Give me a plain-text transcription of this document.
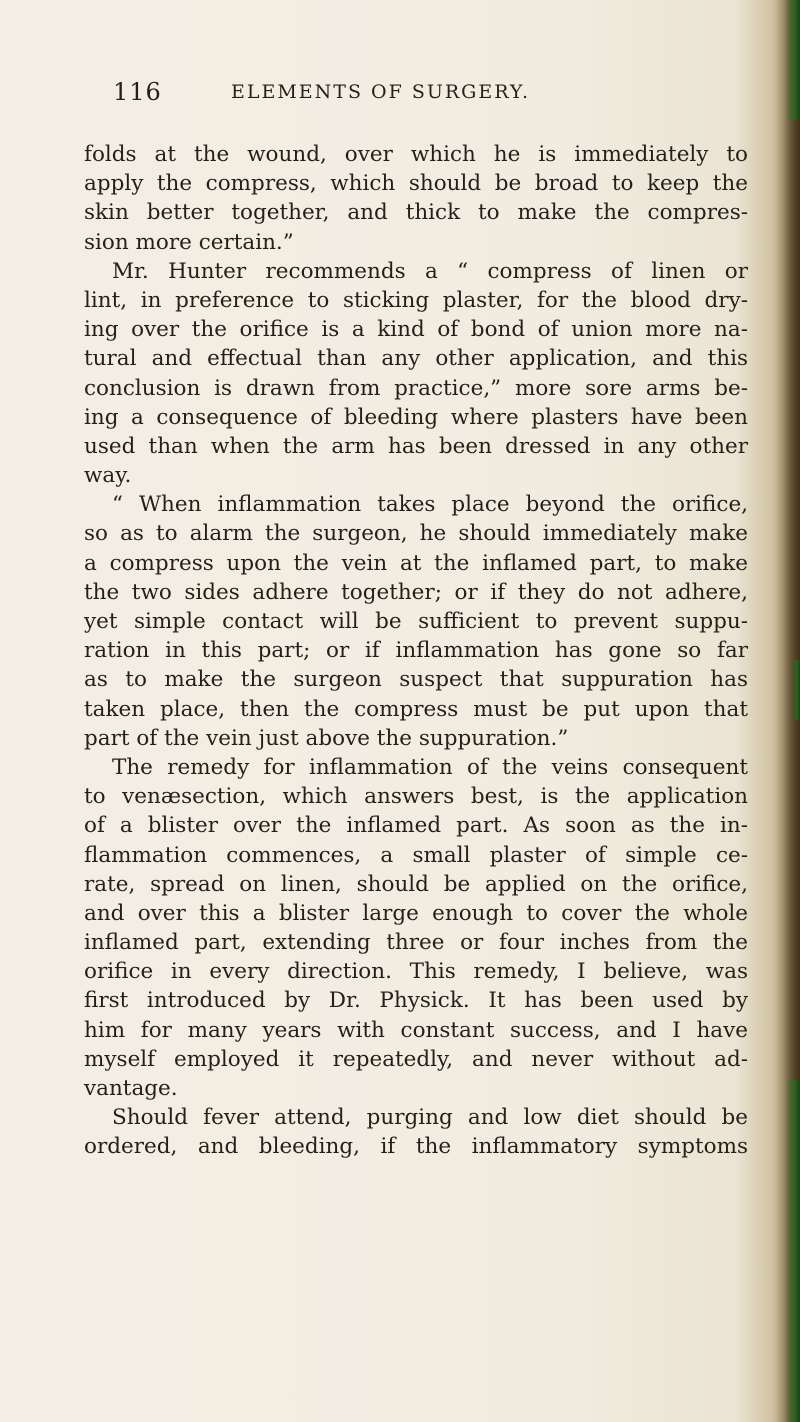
116	ELEMENTS OF SURGERY.
folds at the wound, over which he is immediately to
apply the compress, which should be broad to keep the
skin better together, and thick to make the compres-
sion more certain.”
Mr. Hunter recommends a “ compress of linen or
lint, in preference to sticking plaster, for the blood dry-
ing over the orifice is a kind of bond of union more na-
tural and effectual than any other application, and this
conclusion is drawn from practice,” more sore arms be-
ing a consequence of bleeding where plasters have been
used than when the arm has been dressed in any other
way.
“ When inflammation takes place beyond the orifice,
so as to alarm the surgeon, he should immediately make
a compress upon the vein at the inflamed part, to make
the two sides adhere together; or if they do not adhere,
yet simple contact will be sufficient to prevent suppu-
ration in this part; or if inflammation has gone so far
as to make the surgeon suspect that suppuration has
taken place, then the compress must be put upon that
part of the vein just above the suppuration.”
The remedy for inflammation of the veins consequent
to venæsection, which answers best, is the application
of a blister over the inflamed part. As soon as the in-
flammation commences, a small plaster of simple ce-
rate, spread on linen, should be applied on the orifice,
and over this a blister large enough to cover the whole
inflamed part, extending three or four inches from the
orifice in every direction. This remedy, I believe, was
first introduced by Dr. Physick. It has been used by
him for many years with constant success, and I have
myself employed it repeatedly, and never without ad-
vantage.
Should fever attend, purging and low diet should be
ordered, and bleeding, if the inflammatory symptoms
